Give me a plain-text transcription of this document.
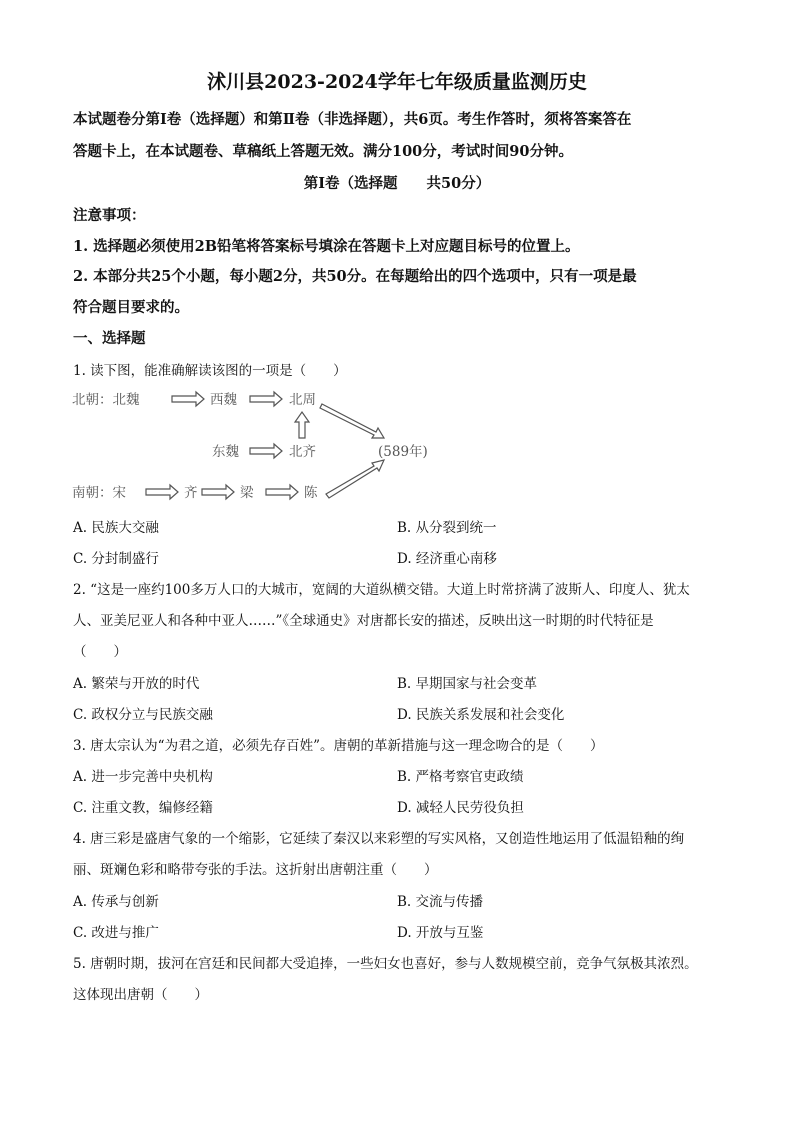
沭川县2023-2024学年七年级质量监测历史
本试题卷分第Ⅰ卷（选择题）和第Ⅱ卷（非选择题），共6页。考生作答时，须将答案答在
答题卡上，在本试题卷、草稿纸上答题无效。满分100分，考试时间90分钟。
第Ⅰ卷（选择题　　共50分）
注意事项：
1. 选择题必须使用2B铅笔将答案标号填涂在答题卡上对应题目标号的位置上。
2. 本部分共25个小题，每小题2分，共50分。在每题给出的四个选项中，只有一项是最
符合题目要求的。
一、选择题
1. 读下图，能准确解读该图的一项是（　　）
北朝：北魏	西魏	北周
东魏	北齐	(589年)
南朝：宋	齐	梁	陈
A. 民族大交融	B. 从分裂到统一
C. 分封制盛行	D. 经济重心南移
2. “这是一座约100多万人口的大城市，宽阔的大道纵横交错。大道上时常挤满了波斯人、印度人、犹太
人、亚美尼亚人和各种中亚人……”《全球通史》对唐都长安的描述，反映出这一时期的时代特征是
（　　）
A. 繁荣与开放的时代	B. 早期国家与社会变革
C. 政权分立与民族交融	D. 民族关系发展和社会变化
3. 唐太宗认为“为君之道，必须先存百姓”。唐朝的革新措施与这一理念吻合的是（　　）
A. 进一步完善中央机构	B. 严格考察官吏政绩
C. 注重文教，编修经籍	D. 减轻人民劳役负担
4. 唐三彩是盛唐气象的一个缩影，它延续了秦汉以来彩塑的写实风格，又创造性地运用了低温铅釉的绚
丽、斑斓色彩和略带夸张的手法。这折射出唐朝注重（　　）
A. 传承与创新	B. 交流与传播
C. 改进与推广	D. 开放与互鉴
5. 唐朝时期，拔河在宫廷和民间都大受追捧，一些妇女也喜好，参与人数规模空前，竞争气氛极其浓烈。
这体现出唐朝（　　）
